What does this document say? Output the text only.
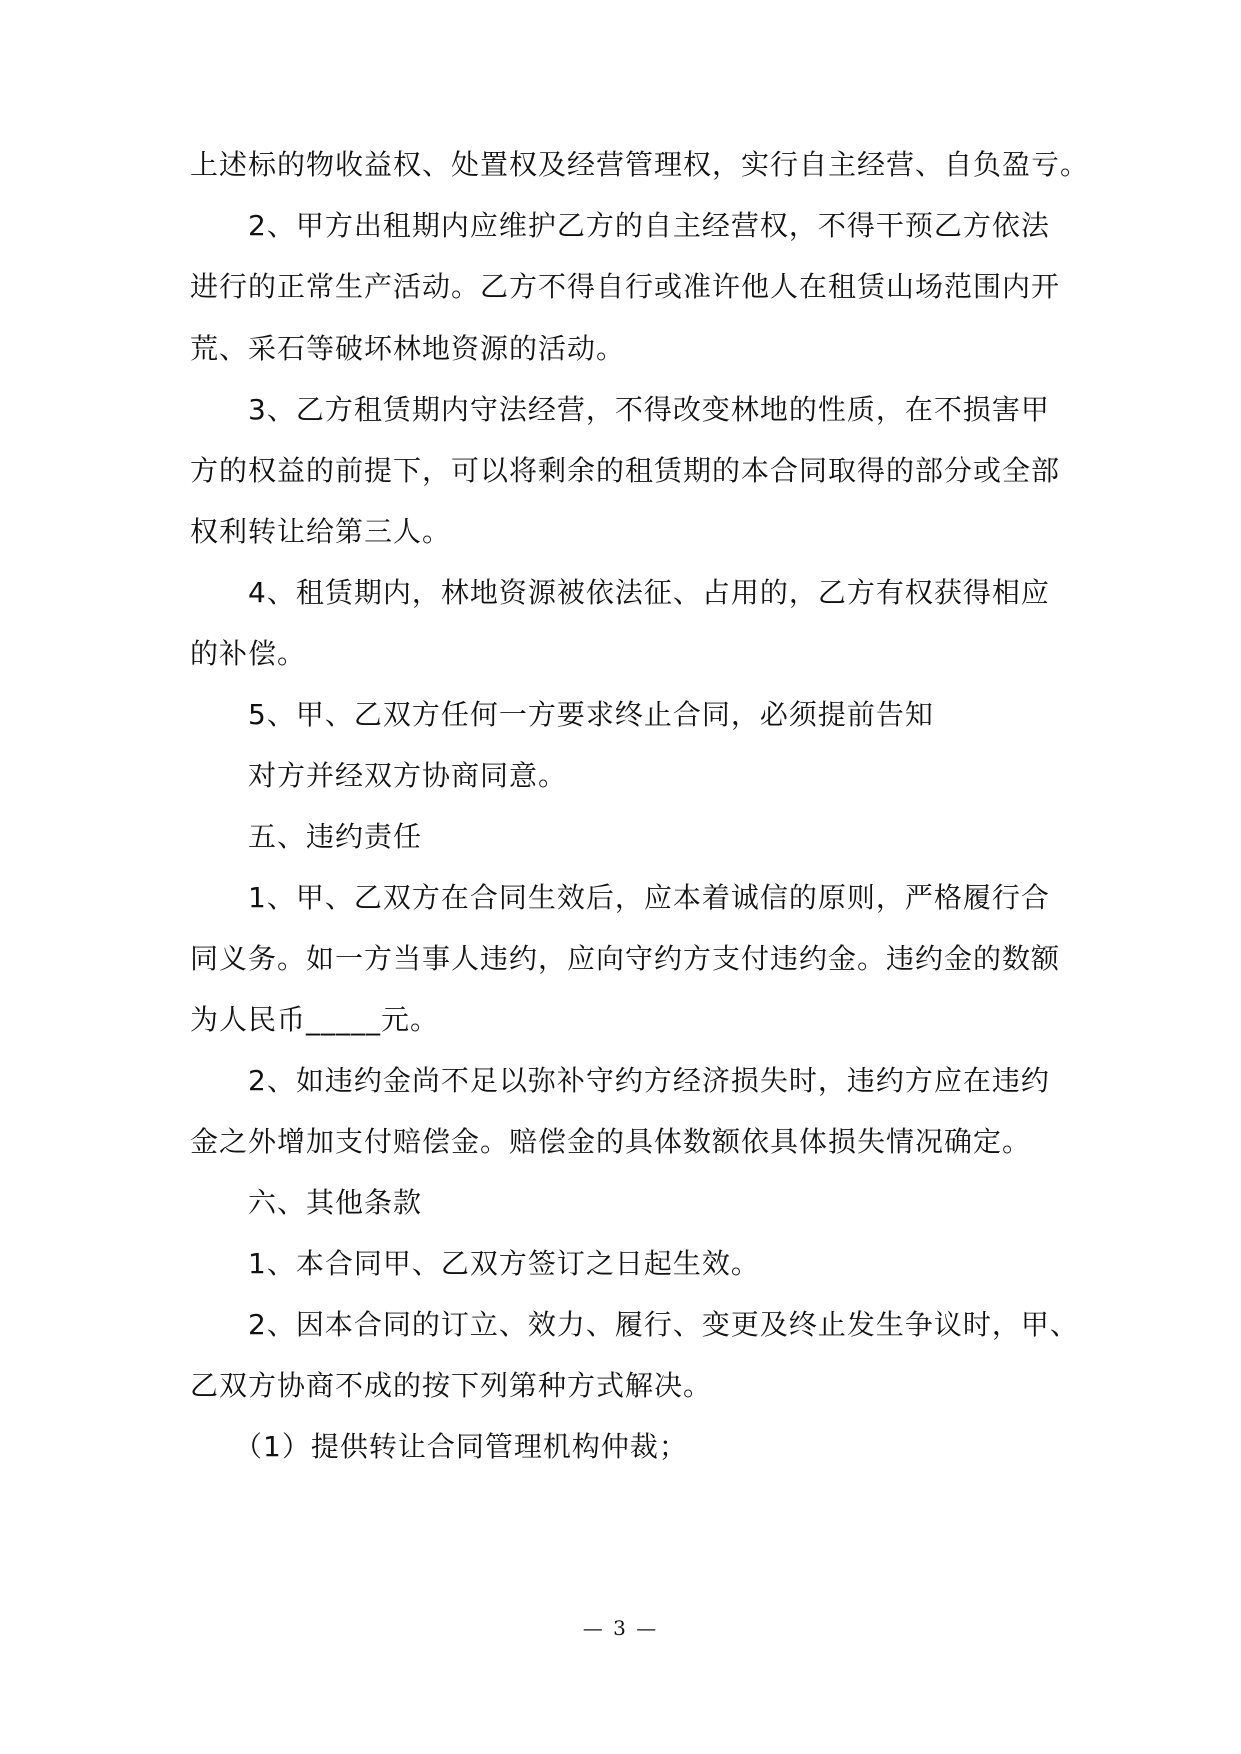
上述标的物收益权、处置权及经营管理权，实行自主经营、自负盈亏。
　　2、甲方出租期内应维护乙方的自主经营权，不得干预乙方依法
进行的正常生产活动。乙方不得自行或准许他人在租赁山场范围内开
荒、采石等破坏林地资源的活动。
　　3、乙方租赁期内守法经营，不得改变林地的性质，在不损害甲
方的权益的前提下，可以将剩余的租赁期的本合同取得的部分或全部
权利转让给第三人。
　　4、租赁期内，林地资源被依法征、占用的，乙方有权获得相应
的补偿。
　　5、甲、乙双方任何一方要求终止合同，必须提前告知
　　对方并经双方协商同意。
　　五、违约责任
　　1、甲、乙双方在合同生效后，应本着诚信的原则，严格履行合
同义务。如一方当事人违约，应向守约方支付违约金。违约金的数额
为人民币_____元。
　　2、如违约金尚不足以弥补守约方经济损失时，违约方应在违约
金之外增加支付赔偿金。赔偿金的具体数额依具体损失情况确定。
　　六、其他条款
　　1、本合同甲、乙双方签订之日起生效。
　　2、因本合同的订立、效力、履行、变更及终止发生争议时，甲、
乙双方协商不成的按下列第种方式解决。
　　（1）提供转让合同管理机构仲裁；
— 3 —
